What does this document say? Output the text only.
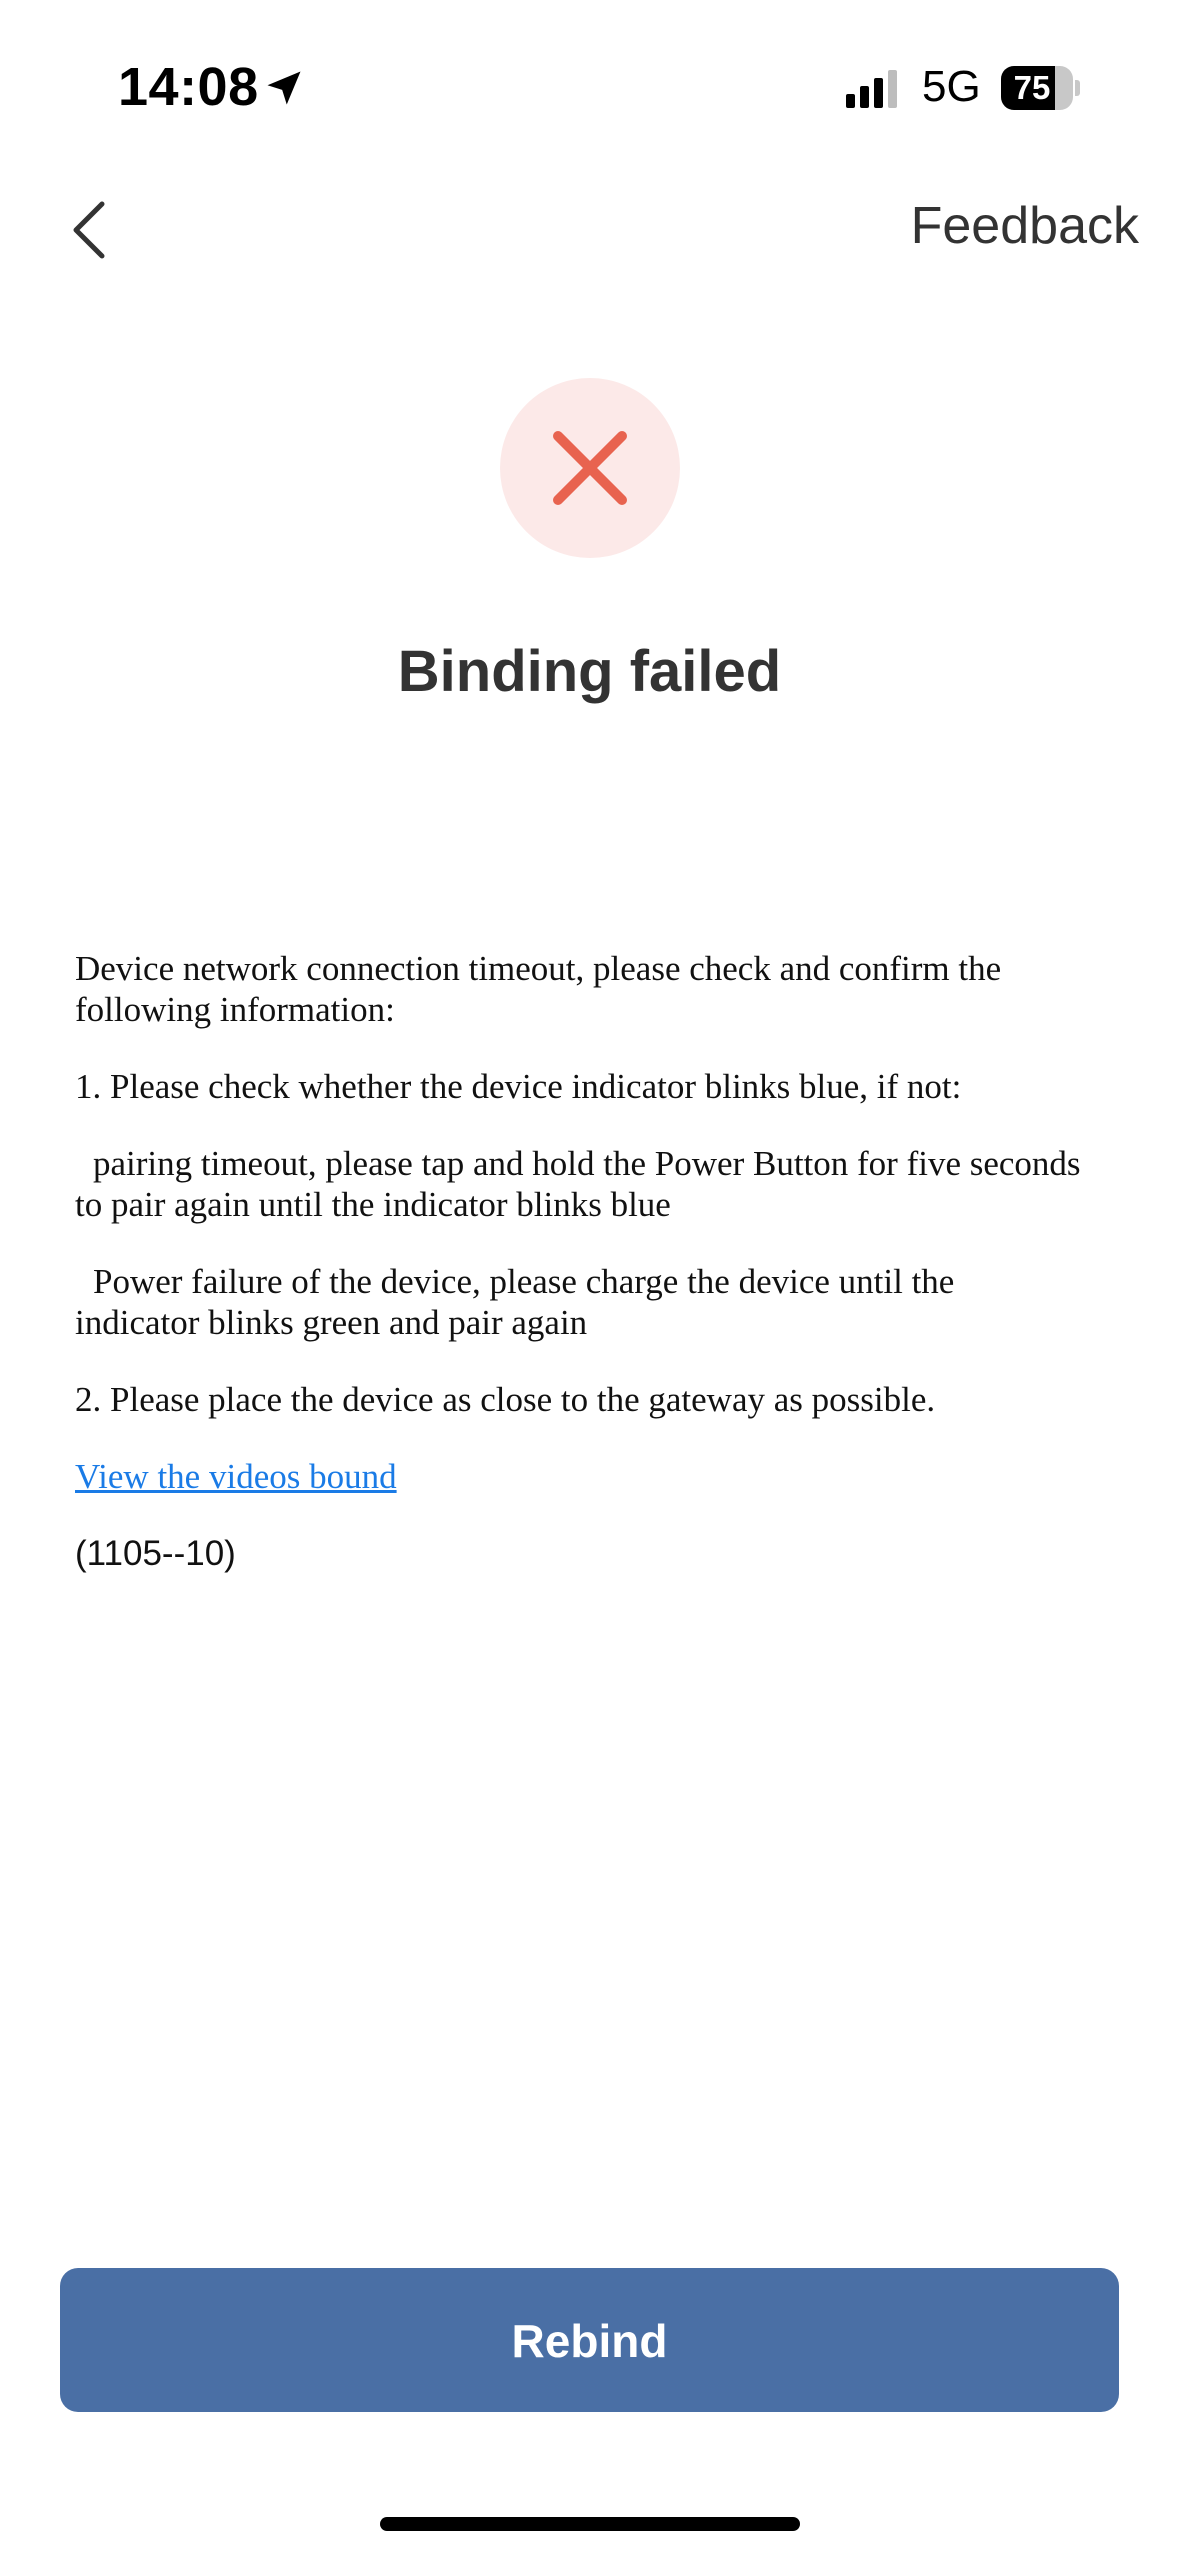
14:08	5G 75
Feedback
Binding failed

Device network connection timeout, please check and confirm the following information:

1. Please check whether the device indicator blinks blue, if not:

pairing timeout, please tap and hold the Power Button for five seconds to pair again until the indicator blinks blue

Power failure of the device, please charge the device until the indicator blinks green and pair again

2. Please place the device as close to the gateway as possible.

View the videos bound

(1105--10)

Rebind
